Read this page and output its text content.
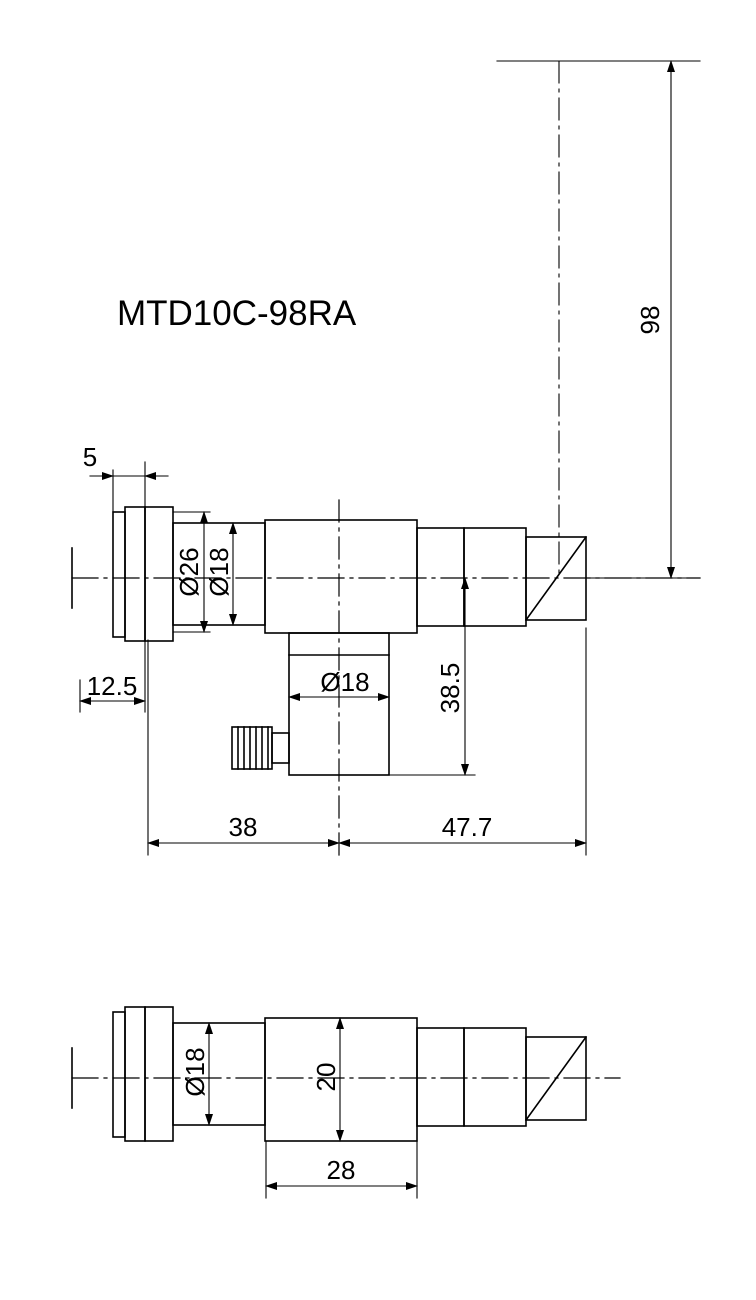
98
5
Ø26 Ø18
Ø18	38.5
12.5
38	47.7
Ø18	20
28
MTD10C-98RA
